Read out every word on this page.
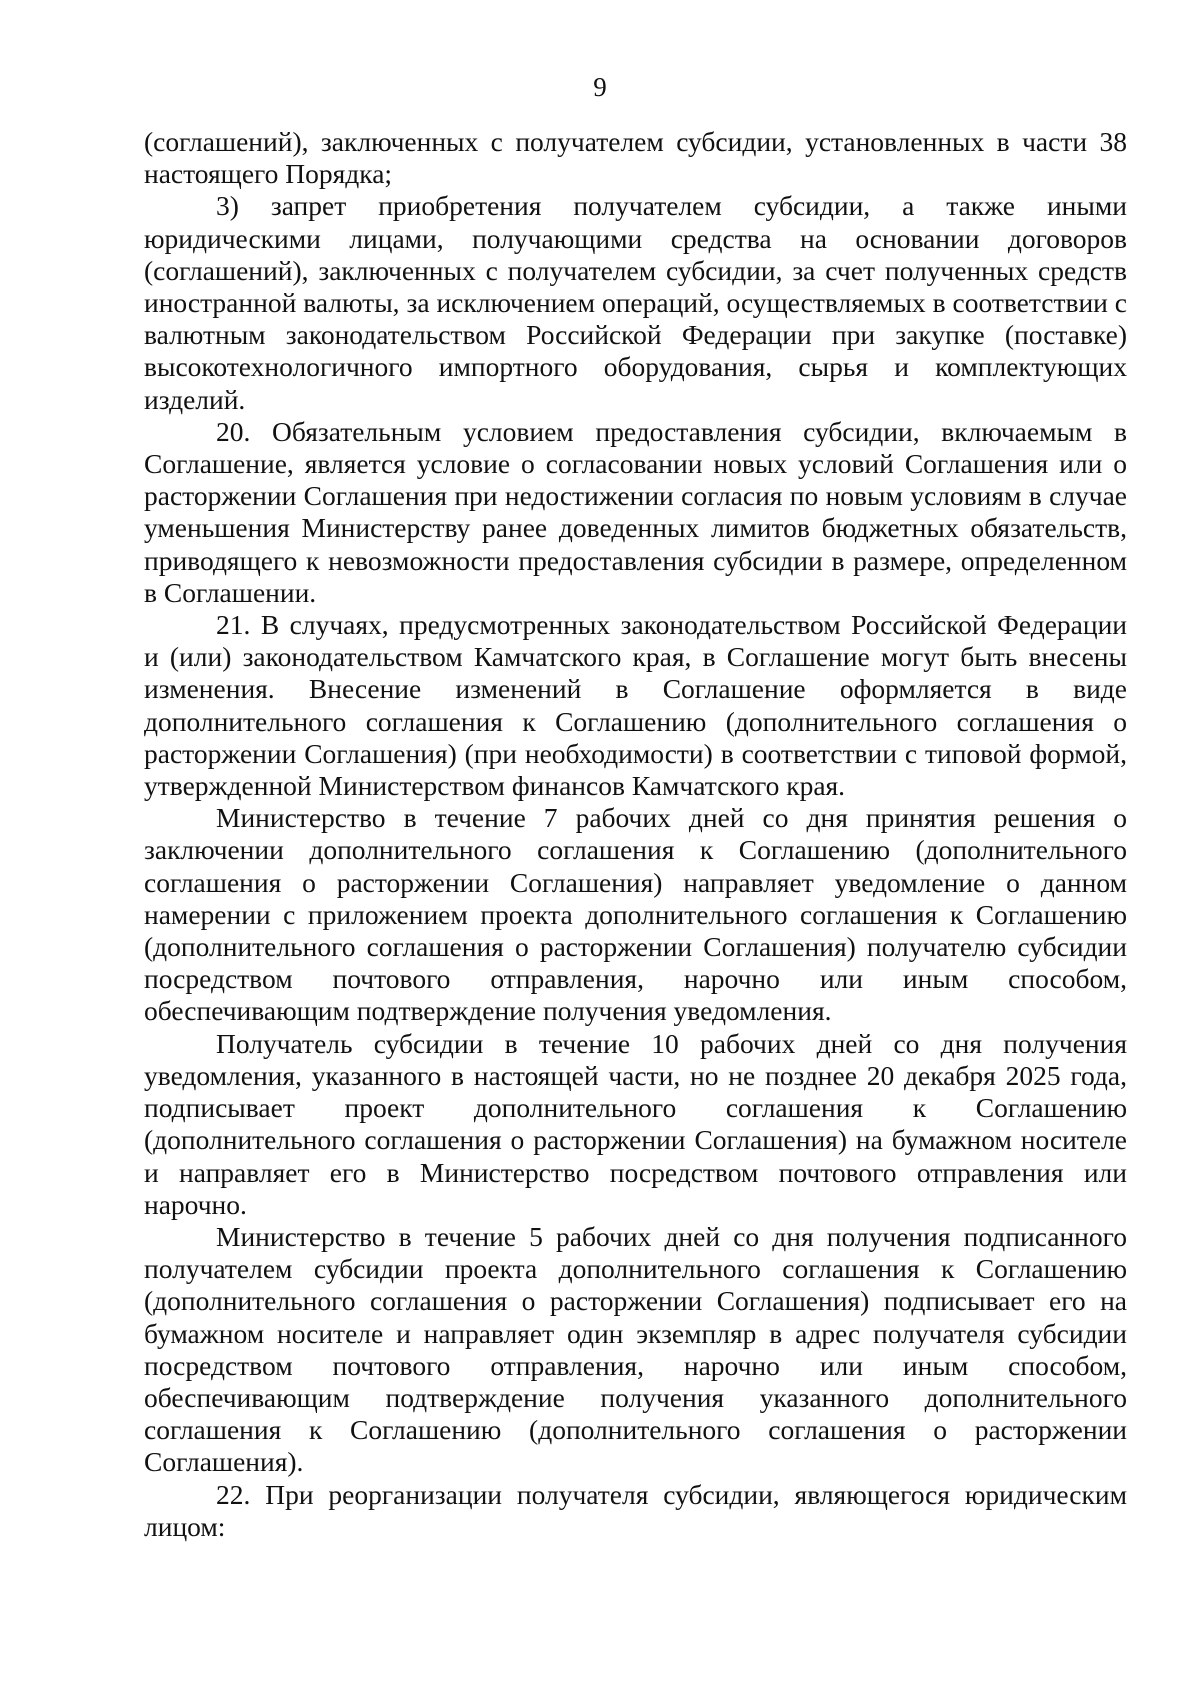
9

(соглашений), заключенных с получателем субсидии, установленных в части 38 настоящего Порядка;

3) запрет приобретения получателем субсидии, а также иными юридическими лицами, получающими средства на основании договоров (соглашений), заключенных с получателем субсидии, за счет полученных средств иностранной валюты, за исключением операций, осуществляемых в соответствии с валютным законодательством Российской Федерации при закупке (поставке) высокотехнологичного импортного оборудования, сырья и комплектующих изделий.

20. Обязательным условием предоставления субсидии, включаемым в Соглашение, является условие о согласовании новых условий Соглашения или о расторжении Соглашения при недостижении согласия по новым условиям в случае уменьшения Министерству ранее доведенных лимитов бюджетных обязательств, приводящего к невозможности предоставления субсидии в размере, определенном в Соглашении.

21. В случаях, предусмотренных законодательством Российской Федерации и (или) законодательством Камчатского края, в Соглашение могут быть внесены изменения. Внесение изменений в Соглашение оформляется в виде дополнительного соглашения к Соглашению (дополнительного соглашения о расторжении Соглашения) (при необходимости) в соответствии с типовой формой, утвержденной Министерством финансов Камчатского края.

Министерство в течение 7 рабочих дней со дня принятия решения о заключении дополнительного соглашения к Соглашению (дополнительного соглашения о расторжении Соглашения) направляет уведомление о данном намерении с приложением проекта дополнительного соглашения к Соглашению (дополнительного соглашения о расторжении Соглашения) получателю субсидии посредством почтового отправления, нарочно или иным способом, обеспечивающим подтверждение получения уведомления.

Получатель субсидии в течение 10 рабочих дней со дня получения уведомления, указанного в настоящей части, но не позднее 20 декабря 2025 года, подписывает проект дополнительного соглашения к Соглашению (дополнительного соглашения о расторжении Соглашения) на бумажном носителе и направляет его в Министерство посредством почтового отправления или нарочно.

Министерство в течение 5 рабочих дней со дня получения подписанного получателем субсидии проекта дополнительного соглашения к Соглашению (дополнительного соглашения о расторжении Соглашения) подписывает его на бумажном носителе и направляет один экземпляр в адрес получателя субсидии посредством почтового отправления, нарочно или иным способом, обеспечивающим подтверждение получения указанного дополнительного соглашения к Соглашению (дополнительного соглашения о расторжении Соглашения).

22. При реорганизации получателя субсидии, являющегося юридическим лицом:
